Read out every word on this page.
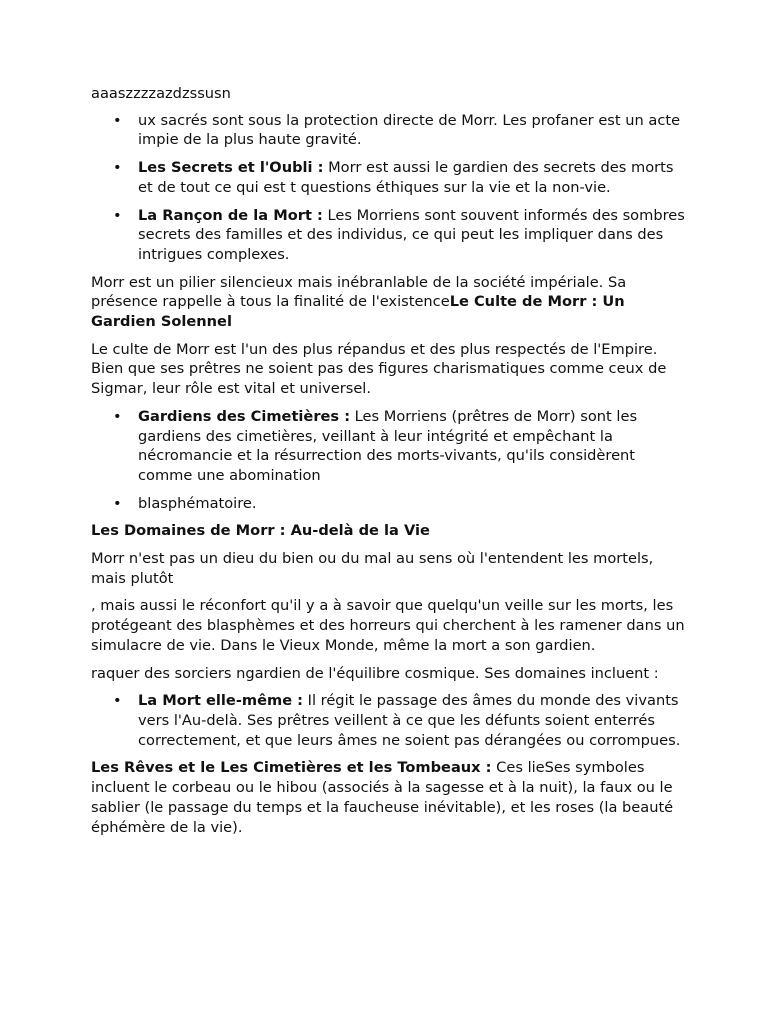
aaaszzzzazdzssusn

• ux sacrés sont sous la protection directe de Morr. Les profaner est un acte impie de la plus haute gravité.
• Les Secrets et l'Oubli : Morr est aussi le gardien des secrets des morts et de tout ce qui est t questions éthiques sur la vie et la non-vie.
• La Rançon de la Mort : Les Morriens sont souvent informés des sombres secrets des familles et des individus, ce qui peut les impliquer dans des intrigues complexes.

Morr est un pilier silencieux mais inébranlable de la société impériale. Sa présence rappelle à tous la finalité de l'existenceLe Culte de Morr : Un Gardien Solennel

Le culte de Morr est l'un des plus répandus et des plus respectés de l'Empire. Bien que ses prêtres ne soient pas des figures charismatiques comme ceux de Sigmar, leur rôle est vital et universel.

• Gardiens des Cimetières : Les Morriens (prêtres de Morr) sont les gardiens des cimetières, veillant à leur intégrité et empêchant la nécromancie et la résurrection des morts-vivants, qu'ils considèrent comme une abomination
• blasphématoire.

Les Domaines de Morr : Au-delà de la Vie

Morr n'est pas un dieu du bien ou du mal au sens où l'entendent les mortels, mais plutôt

, mais aussi le réconfort qu'il y a à savoir que quelqu'un veille sur les morts, les protégeant des blasphèmes et des horreurs qui cherchent à les ramener dans un simulacre de vie. Dans le Vieux Monde, même la mort a son gardien.

raquer des sorciers ngardien de l'équilibre cosmique. Ses domaines incluent :

• La Mort elle-même : Il régit le passage des âmes du monde des vivants vers l'Au-delà. Ses prêtres veillent à ce que les défunts soient enterrés correctement, et que leurs âmes ne soient pas dérangées ou corrompues.

Les Rêves et le Les Cimetières et les Tombeaux : Ces lieSes symboles incluent le corbeau ou le hibou (associés à la sagesse et à la nuit), la faux ou le sablier (le passage du temps et la faucheuse inévitable), et les roses (la beauté éphémère de la vie).
